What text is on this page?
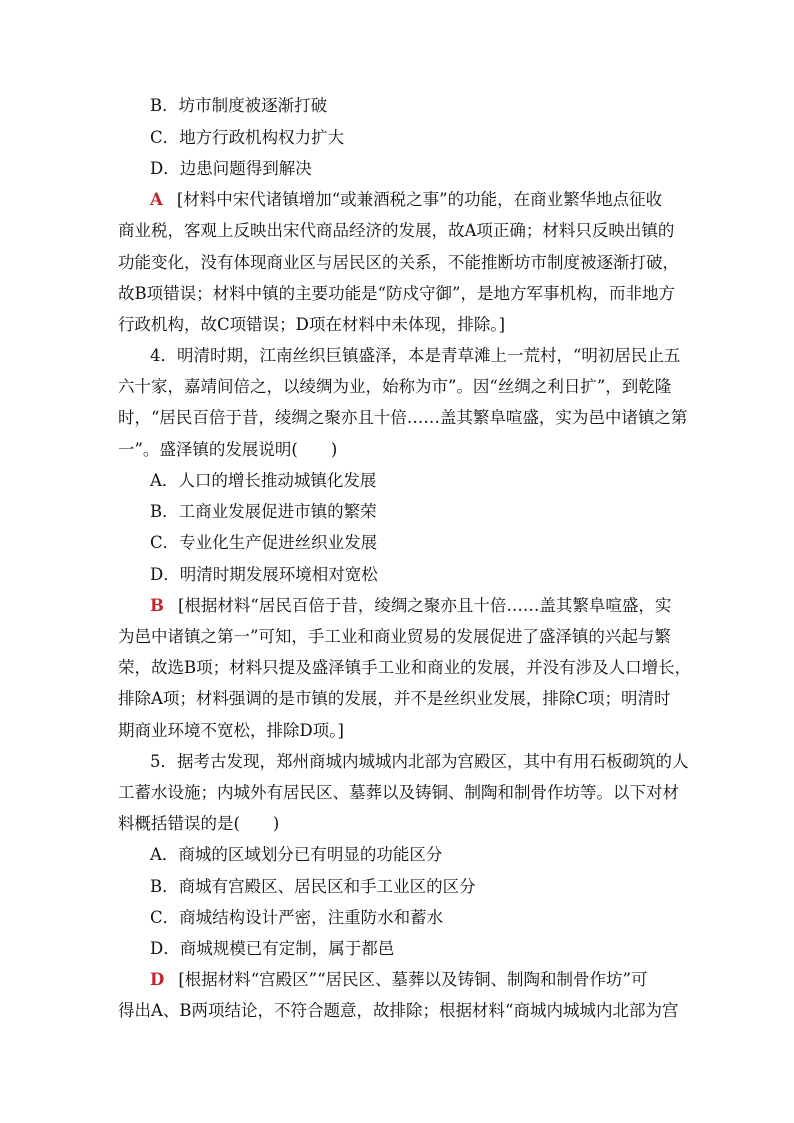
B．坊市制度被逐渐打破
C．地方行政机构权力扩大
D．边患问题得到解决
A [材料中宋代诸镇增加“或兼酒税之事”的功能，在商业繁华地点征收
商业税，客观上反映出宋代商品经济的发展，故A项正确；材料只反映出镇的
功能变化，没有体现商业区与居民区的关系，不能推断坊市制度被逐渐打破，
故B项错误；材料中镇的主要功能是“防戍守御”，是地方军事机构，而非地方
行政机构，故C项错误；D项在材料中未体现，排除。]
4．明清时期，江南丝织巨镇盛泽，本是青草滩上一荒村，“明初居民止五
六十家，嘉靖间倍之，以绫绸为业，始称为市”。因“丝绸之利日扩”，到乾隆
时，“居民百倍于昔，绫绸之聚亦且十倍……盖其繁阜喧盛，实为邑中诸镇之第
一”。盛泽镇的发展说明(　　)
A．人口的增长推动城镇化发展
B．工商业发展促进市镇的繁荣
C．专业化生产促进丝织业发展
D．明清时期发展环境相对宽松
B [根据材料“居民百倍于昔，绫绸之聚亦且十倍……盖其繁阜喧盛，实
为邑中诸镇之第一”可知，手工业和商业贸易的发展促进了盛泽镇的兴起与繁
荣，故选B项；材料只提及盛泽镇手工业和商业的发展，并没有涉及人口增长，
排除A项；材料强调的是市镇的发展，并不是丝织业发展，排除C项；明清时
期商业环境不宽松，排除D项。]
5．据考古发现，郑州商城内城城内北部为宫殿区，其中有用石板砌筑的人
工蓄水设施；内城外有居民区、墓葬以及铸铜、制陶和制骨作坊等。以下对材
料概括错误的是(　　)
A．商城的区域划分已有明显的功能区分
B．商城有宫殿区、居民区和手工业区的区分
C．商城结构设计严密，注重防水和蓄水
D．商城规模已有定制，属于都邑
D [根据材料“宫殿区”“居民区、墓葬以及铸铜、制陶和制骨作坊”可
得出A、B两项结论，不符合题意，故排除；根据材料“商城内城城内北部为宫
